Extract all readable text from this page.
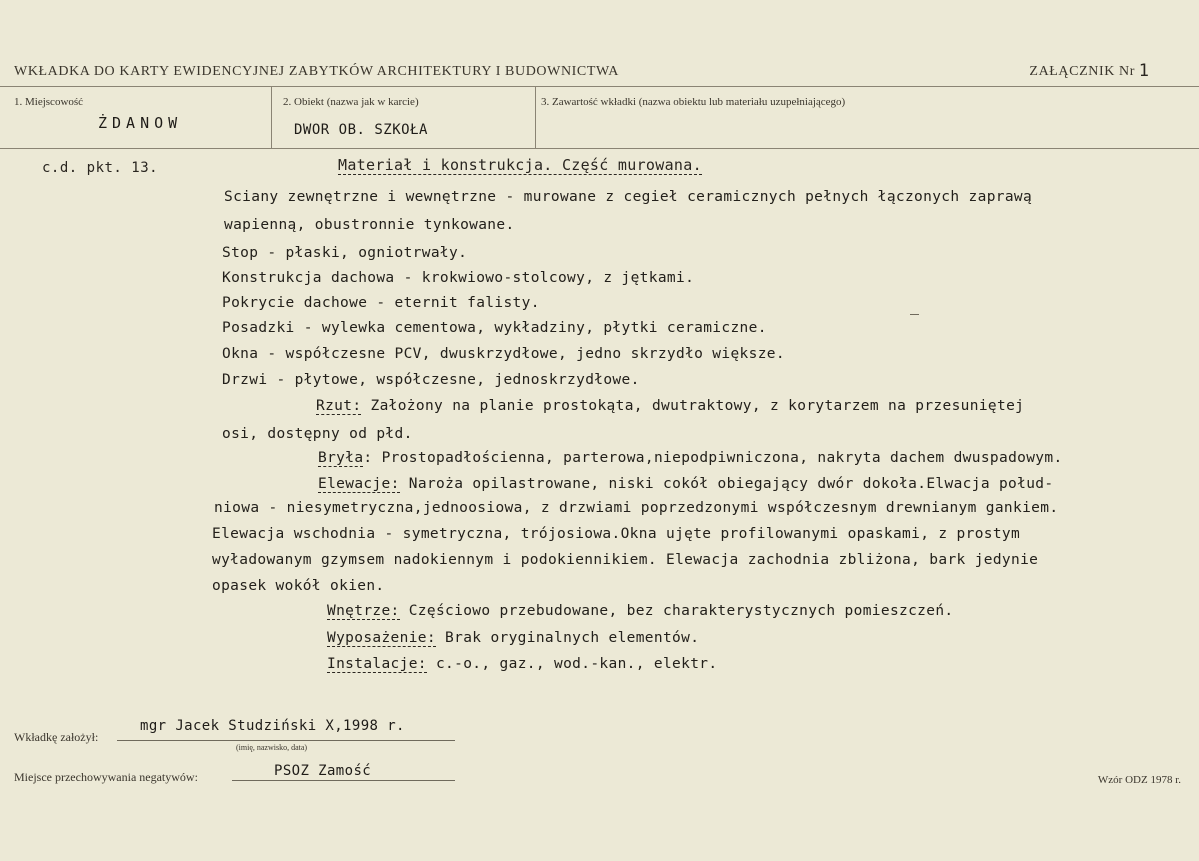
WKŁADKA DO KARTY EWIDENCYJNEJ ZABYTKÓW ARCHITEKTURY I BUDOWNICTWA	ZAŁĄCZNIK Nr 1
1. Miejscowość
ŻDANOW
2. Obiekt (nazwa jak w karcie)
DWOR OB. SZKOŁA
3. Zawartość wkładki (nazwa obiektu lub materiału uzupełniającego)
c.d. pkt. 13.	Materiał i konstrukcja. Część murowana.
Sciany zewnętrzne i wewnętrzne - murowane z cegieł ceramicznych pełnych łączonych zaprawą
wapienną, obustronnie tynkowane.
Stop - płaski, ogniotrwały.
Konstrukcja dachowa - krokwiowo-stolcowy, z jętkami.
Pokrycie dachowe - eternit falisty.
Posadzki - wylewka cementowa, wykładziny, płytki ceramiczne.
Okna - współczesne PCV, dwuskrzydłowe, jedno skrzydło większe.
Drzwi - płytowe, współczesne, jednoskrzydłowe.
Rzut: Założony na planie prostokąta, dwutraktowy, z korytarzem na przesuniętej
osi, dostępny od płd.
Bryła: Prostopadłościenna, parterowa,niepodpiwniczona, nakryta dachem dwuspadowym.
Elewacje: Naroża opilastrowane, niski cokół obiegający dwór dokoła.Elwacja połud-
niowa - niesymetryczna,jednoosiowa, z drzwiami poprzedzonymi współczesnym drewnianym gankiem.
Elewacja wschodnia - symetryczna, trójosiowa.Okna ujęte profilowanymi opaskami, z prostym
wyładowanym gzymsem nadokiennym i podokiennikiem. Elewacja zachodnia zbliżona, bark jedynie
opasek wokół okien.
Wnętrze: Częściowo przebudowane, bez charakterystycznych pomieszczeń.
Wyposażenie: Brak oryginalnych elementów.
Instalacje: c.-o., gaz., wod.-kan., elektr.
Wkładkę założył:
mgr Jacek Studziński X,1998 r.
(imię, nazwisko, data)
Miejsce przechowywania negatywów:	PSOZ Zamość
Wzór ODZ 1978 r.
